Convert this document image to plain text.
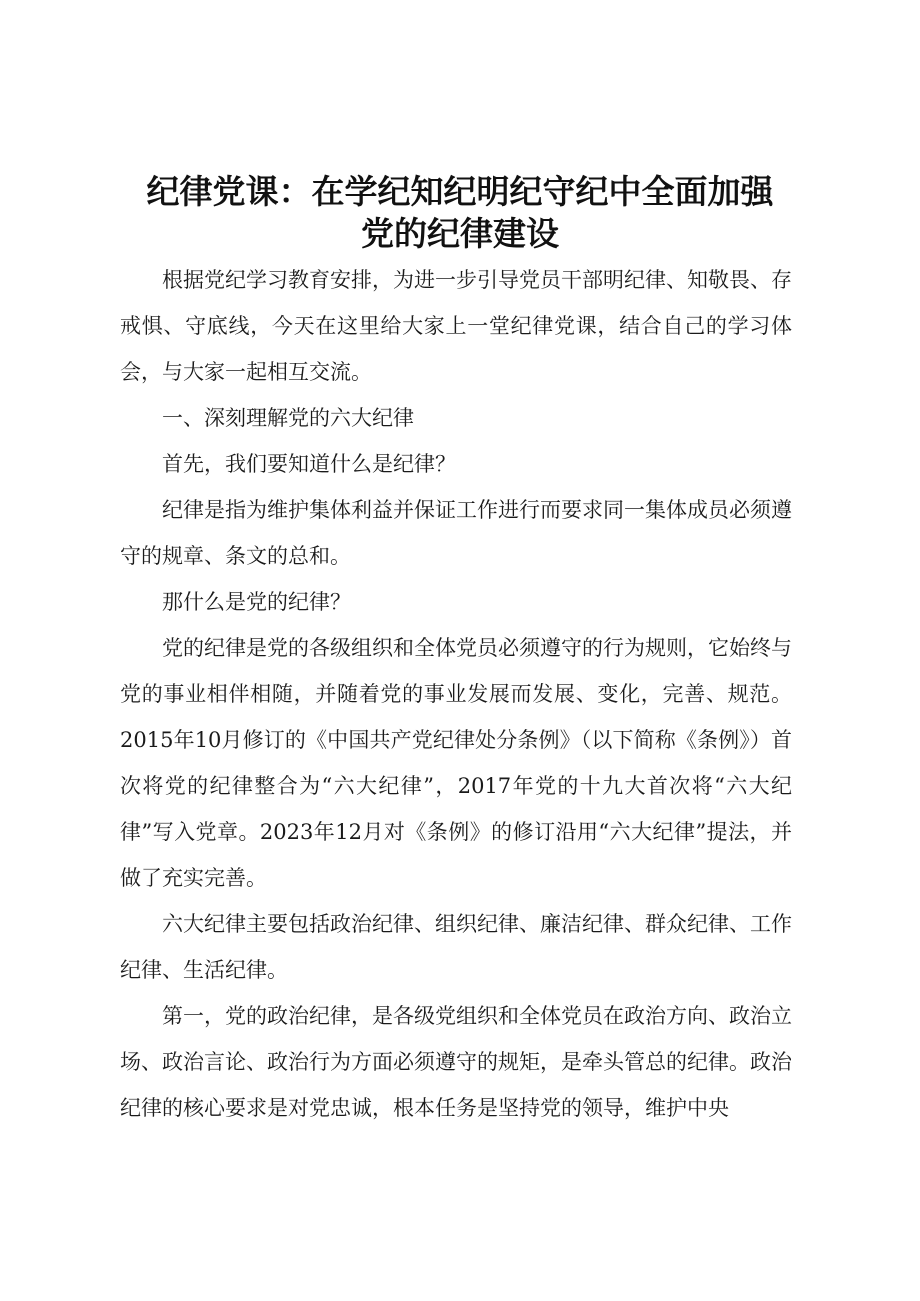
纪律党课：在学纪知纪明纪守纪中全面加强
党的纪律建设

根据党纪学习教育安排，为进一步引导党员干部明纪律、知敬畏、存戒惧、守底线，今天在这里给大家上一堂纪律党课，结合自己的学习体会，与大家一起相互交流。

一、深刻理解党的六大纪律

首先，我们要知道什么是纪律？

纪律是指为维护集体利益并保证工作进行而要求同一集体成员必须遵守的规章、条文的总和。

那什么是党的纪律？

党的纪律是党的各级组织和全体党员必须遵守的行为规则，它始终与党的事业相伴相随，并随着党的事业发展而发展、变化，完善、规范。2015年10月修订的《中国共产党纪律处分条例》（以下简称《条例》）首次将党的纪律整合为“六大纪律”，2017年党的十九大首次将“六大纪律”写入党章。2023年12月对《条例》的修订沿用“六大纪律”提法，并做了充实完善。

六大纪律主要包括政治纪律、组织纪律、廉洁纪律、群众纪律、工作纪律、生活纪律。

第一，党的政治纪律，是各级党组织和全体党员在政治方向、政治立场、政治言论、政治行为方面必须遵守的规矩，是牵头管总的纪律。政治纪律的核心要求是对党忠诚，根本任务是坚持党的领导，维护中央
